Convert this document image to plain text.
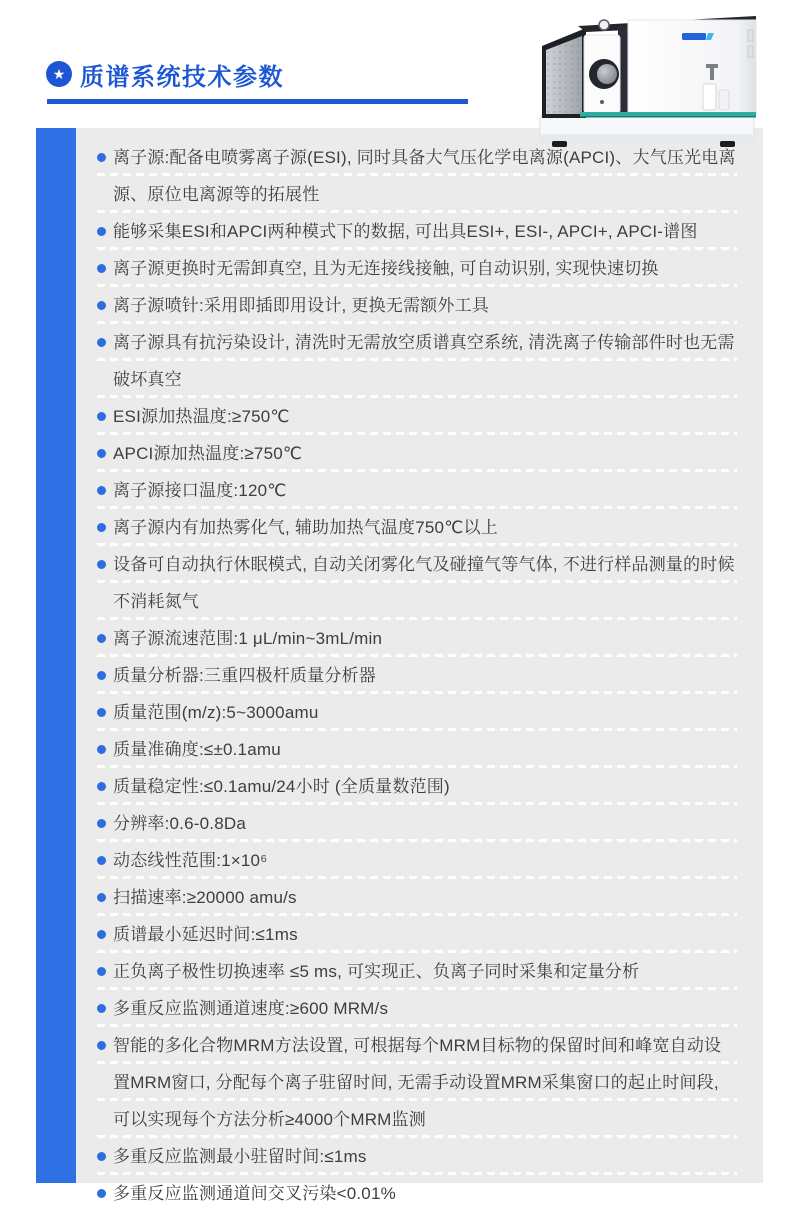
★ 质谱系统技术参数
离子源:配备电喷雾离子源(ESI), 同时具备大气压化学电离源(APCI)、大气压光电离源、原位电离源等的拓展性
能够采集ESI和APCI两种模式下的数据, 可出具ESI+, ESI-, APCI+, APCI-谱图
离子源更换时无需卸真空, 且为无连接线接触, 可自动识别, 实现快速切换
离子源喷针:采用即插即用设计, 更换无需额外工具
离子源具有抗污染设计, 清洗时无需放空质谱真空系统, 清洗离子传输部件时也无需破坏真空
ESI源加热温度:≥750℃
APCI源加热温度:≥750℃
离子源接口温度:120℃
离子源内有加热雾化气, 辅助加热气温度750℃以上
设备可自动执行休眠模式, 自动关闭雾化气及碰撞气等气体, 不进行样品测量的时候不消耗氮气
离子源流速范围:1 μL/min~3mL/min
质量分析器:三重四极杆质量分析器
质量范围(m/z):5~3000amu
质量准确度:≤±0.1amu
质量稳定性:≤0.1amu/24小时 (全质量数范围)
分辨率:0.6-0.8Da
动态线性范围:1×10⁶
扫描速率:≥20000 amu/s
质谱最小延迟时间:≤1ms
正负离子极性切换速率 ≤5 ms, 可实现正、负离子同时采集和定量分析
多重反应监测通道速度:≥600 MRM/s
智能的多化合物MRM方法设置, 可根据每个MRM目标物的保留时间和峰宽自动设置MRM窗口, 分配每个离子驻留时间, 无需手动设置MRM采集窗口的起止时间段, 可以实现每个方法分析≥4000个MRM监测
多重反应监测最小驻留时间:≤1ms
多重反应监测通道间交叉污染<0.01%
